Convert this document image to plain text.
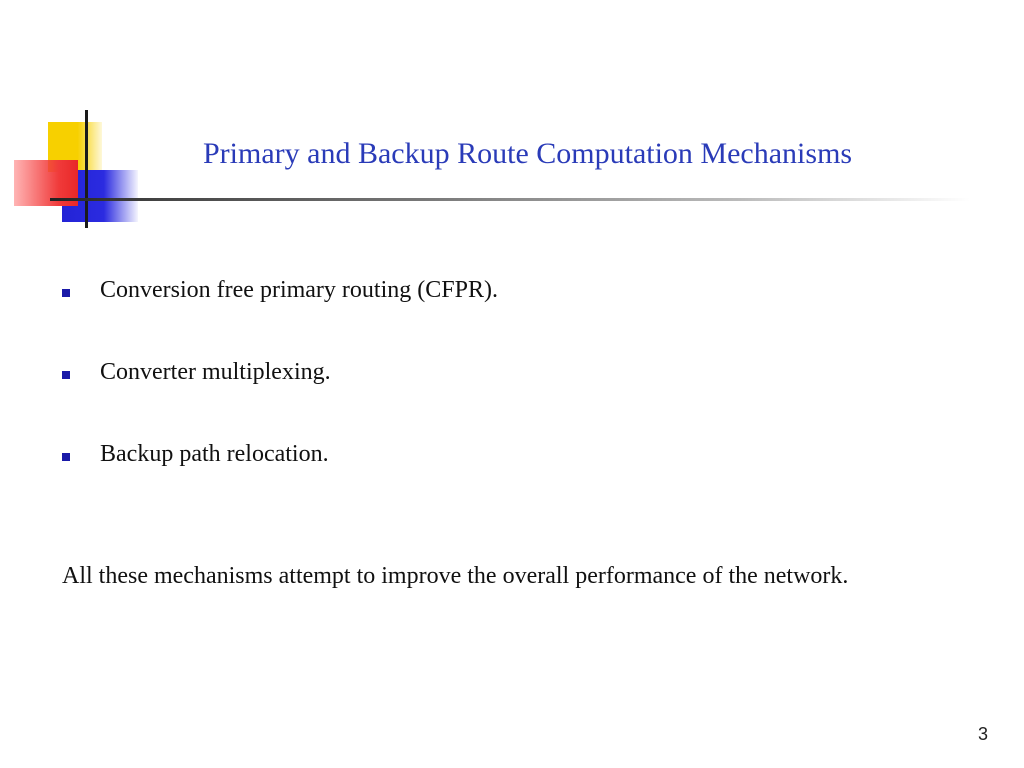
Primary and Backup Route Computation Mechanisms
Conversion free primary routing (CFPR).
Converter multiplexing.
Backup path relocation.
All these mechanisms attempt to improve the overall performance of the network.
3
